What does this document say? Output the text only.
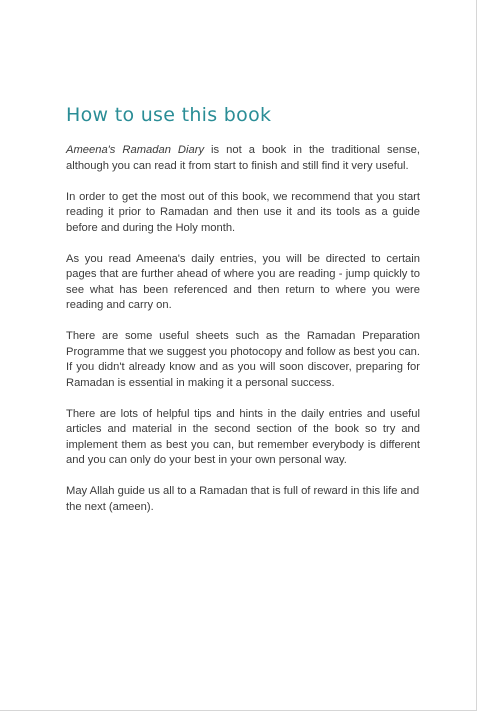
How to use this book

Ameena's Ramadan Diary is not a book in the traditional sense, although you can read it from start to finish and still find it very useful.

In order to get the most out of this book, we recommend that you start reading it prior to Ramadan and then use it and its tools as a guide before and during the Holy month.

As you read Ameena's daily entries, you will be directed to certain pages that are further ahead of where you are reading - jump quickly to see what has been referenced and then return to where you were reading and carry on.

There are some useful sheets such as the Ramadan Preparation Programme that we suggest you photocopy and follow as best you can. If you didn't already know and as you will soon discover, preparing for Ramadan is essential in making it a personal success.

There are lots of helpful tips and hints in the daily entries and useful articles and material in the second section of the book so try and implement them as best you can, but remember everybody is different and you can only do your best in your own personal way.

May Allah guide us all to a Ramadan that is full of reward in this life and the next (ameen).
